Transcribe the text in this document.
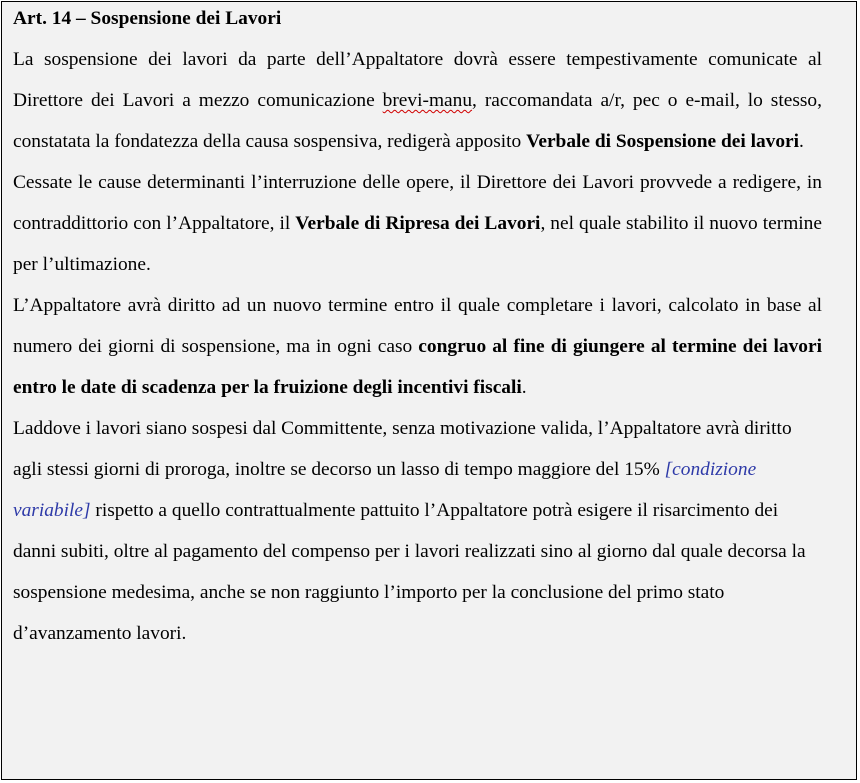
Art. 14 – Sospensione dei Lavori

La sospensione dei lavori da parte dell’Appaltatore dovrà essere tempestivamente comunicate al Direttore dei Lavori a mezzo comunicazione brevi-manu, raccomandata a/r, pec o e-mail, lo stesso, constatata la fondatezza della causa sospensiva, redigerà apposito Verbale di Sospensione dei lavori.

Cessate le cause determinanti l’interruzione delle opere, il Direttore dei Lavori provvede a redigere, in contraddittorio con l’Appaltatore, il Verbale di Ripresa dei Lavori, nel quale stabilito il nuovo termine per l’ultimazione.

L’Appaltatore avrà diritto ad un nuovo termine entro il quale completare i lavori, calcolato in base al numero dei giorni di sospensione, ma in ogni caso congruo al fine di giungere al termine dei lavori entro le date di scadenza per la fruizione degli incentivi fiscali.

Laddove i lavori siano sospesi dal Committente, senza motivazione valida, l’Appaltatore avrà diritto agli stessi giorni di proroga, inoltre se decorso un lasso di tempo maggiore del 15% [condizione variabile] rispetto a quello contrattualmente pattuito l’Appaltatore potrà esigere il risarcimento dei danni subiti, oltre al pagamento del compenso per i lavori realizzati sino al giorno dal quale decorsa la sospensione medesima, anche se non raggiunto l’importo per la conclusione del primo stato d’avanzamento lavori.
